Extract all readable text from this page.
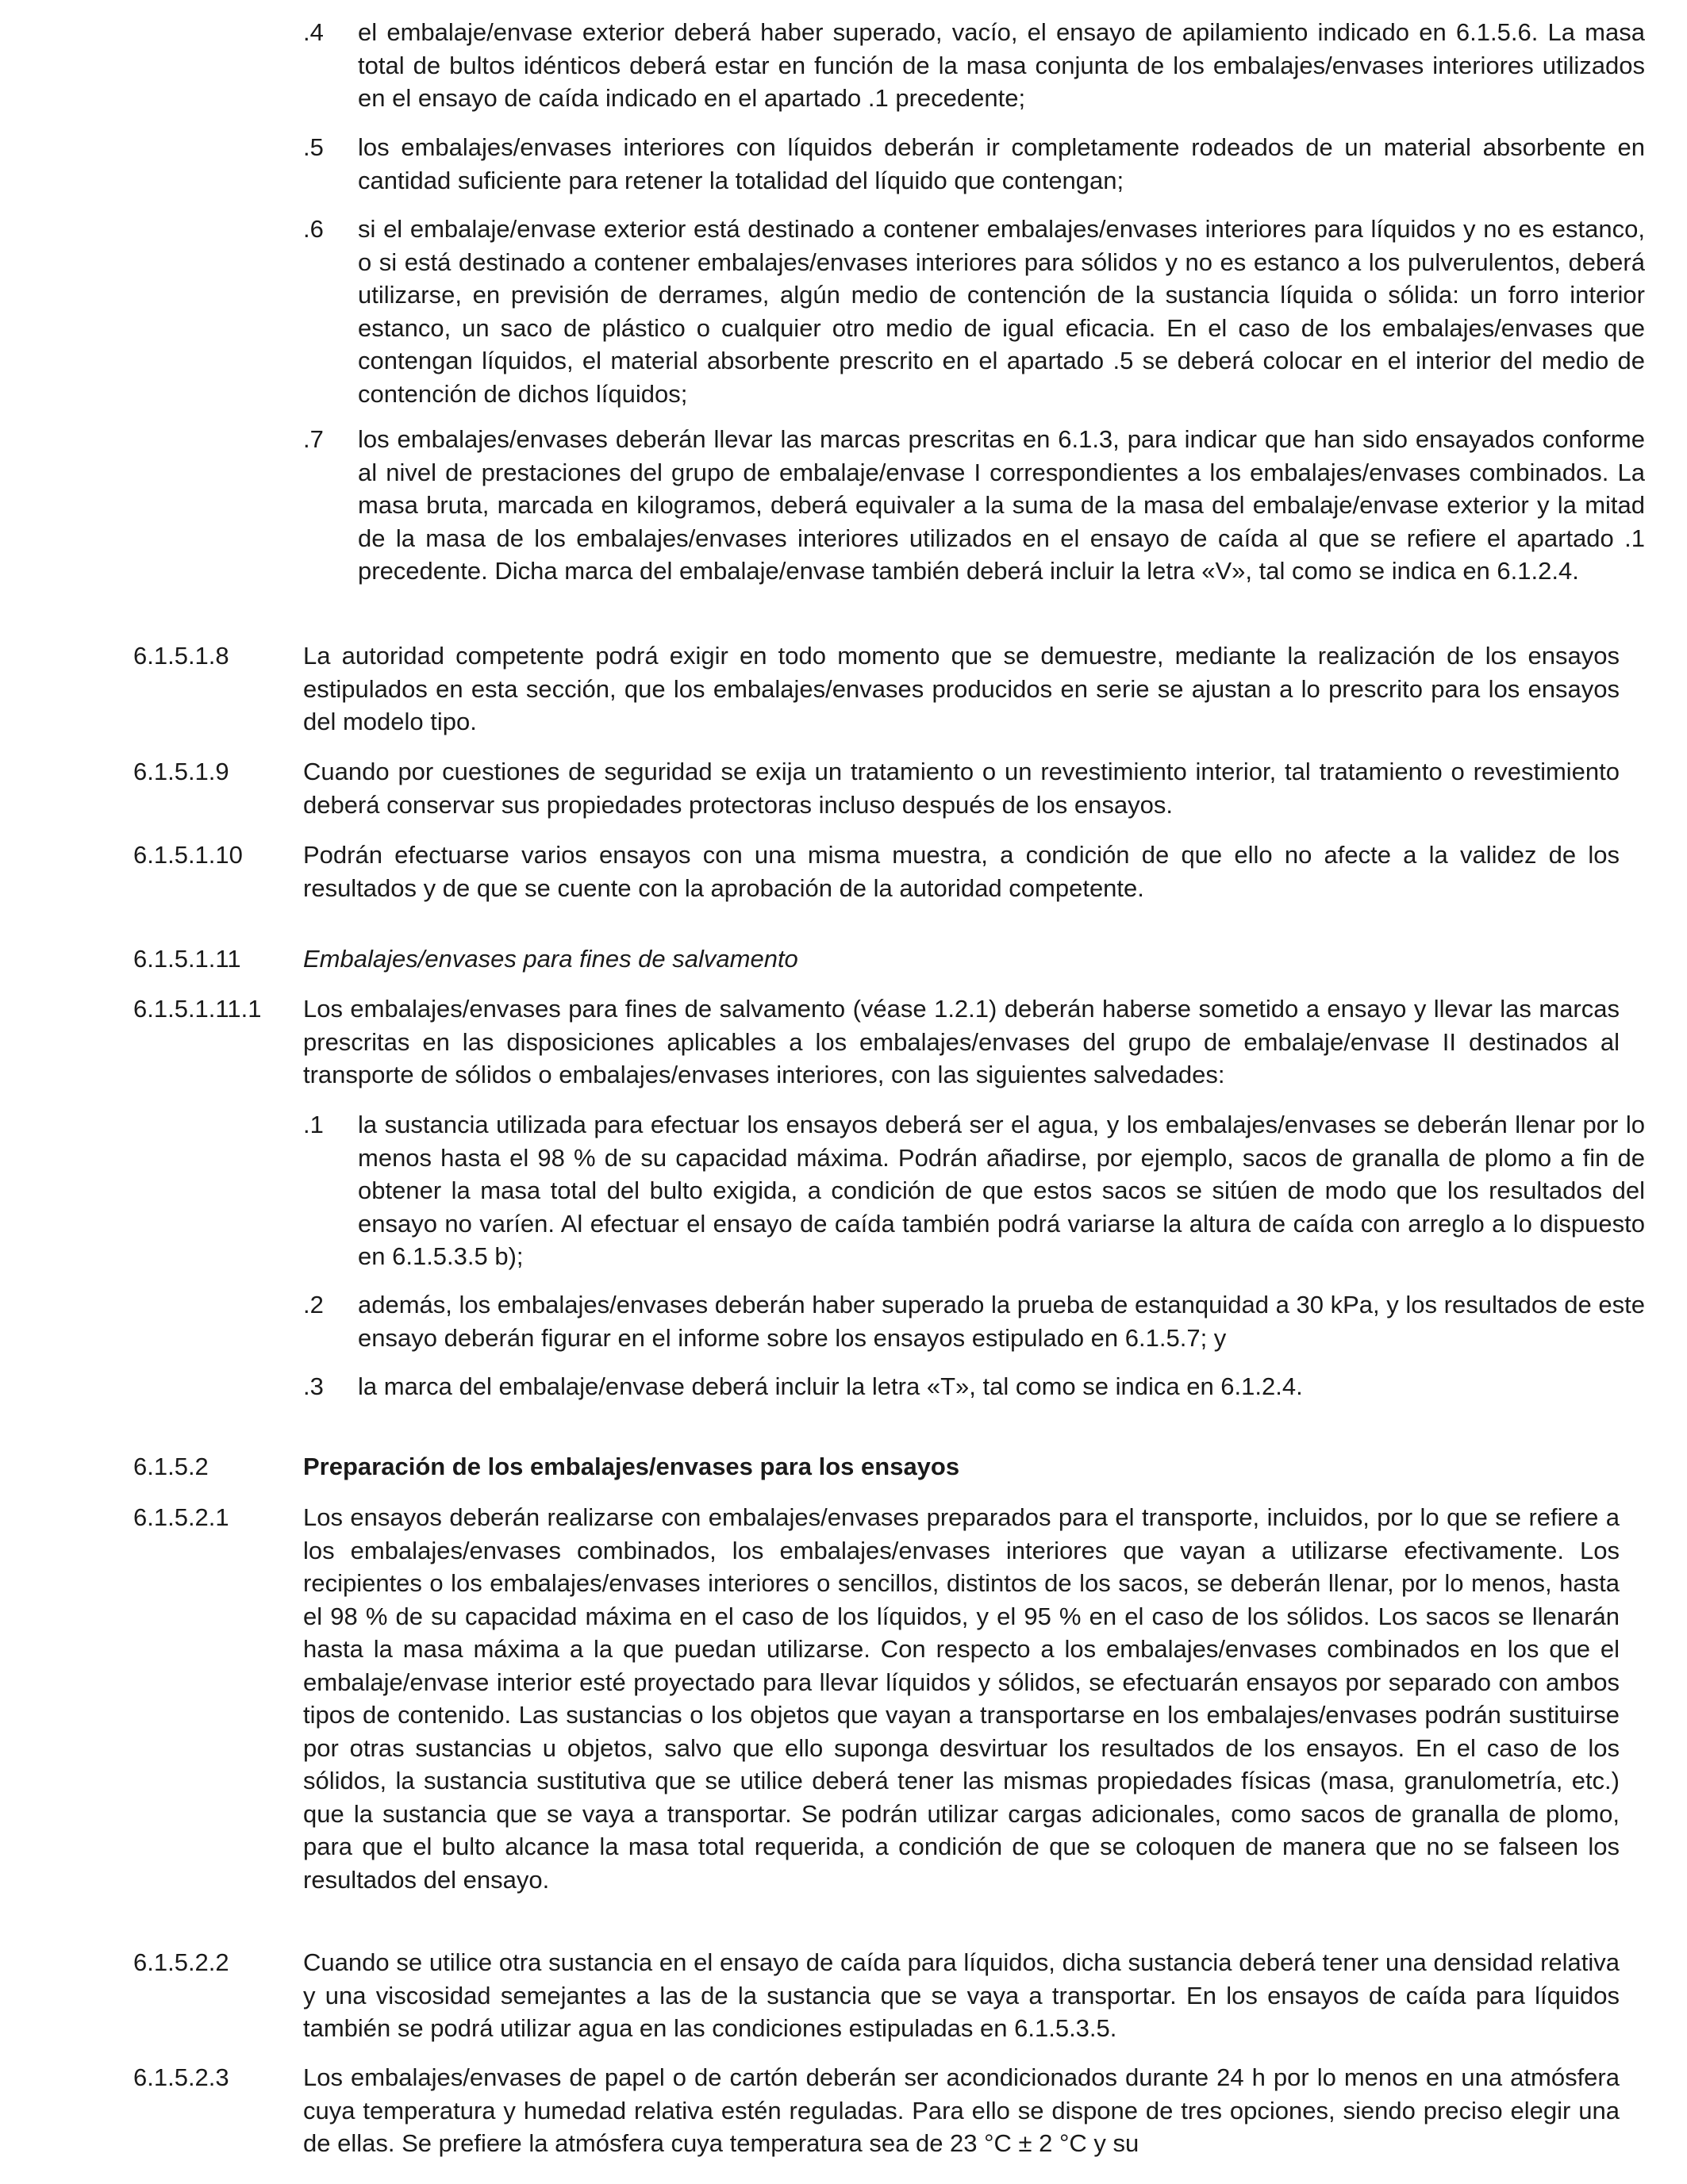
.4 el embalaje/envase exterior deberá haber superado, vacío, el ensayo de apilamiento indicado en 6.1.5.6. La masa total de bultos idénticos deberá estar en función de la masa conjunta de los embalajes/envases interiores utilizados en el ensayo de caída indicado en el apartado .1 precedente;
.5 los embalajes/envases interiores con líquidos deberán ir completamente rodeados de un material absorbente en cantidad suficiente para retener la totalidad del líquido que contengan;
.6 si el embalaje/envase exterior está destinado a contener embalajes/envases interiores para líquidos y no es estanco, o si está destinado a contener embalajes/envases interiores para sólidos y no es estanco a los pulverulentos, deberá utilizarse, en previsión de derrames, algún medio de contención de la sustancia líquida o sólida: un forro interior estanco, un saco de plástico o cualquier otro medio de igual eficacia. En el caso de los embalajes/envases que contengan líquidos, el material absorbente prescrito en el apartado .5 se deberá colocar en el interior del medio de contención de dichos líquidos;
.7 los embalajes/envases deberán llevar las marcas prescritas en 6.1.3, para indicar que han sido ensayados conforme al nivel de prestaciones del grupo de embalaje/envase I correspondientes a los embalajes/envases combinados. La masa bruta, marcada en kilogramos, deberá equivaler a la suma de la masa del embalaje/envase exterior y la mitad de la masa de los embalajes/envases interiores utilizados en el ensayo de caída al que se refiere el apartado .1 precedente. Dicha marca del embalaje/envase también deberá incluir la letra «V», tal como se indica en 6.1.2.4.
6.1.5.1.8	La autoridad competente podrá exigir en todo momento que se demuestre, mediante la realización de los ensayos estipulados en esta sección, que los embalajes/envases producidos en serie se ajustan a lo prescrito para los ensayos del modelo tipo.
6.1.5.1.9	Cuando por cuestiones de seguridad se exija un tratamiento o un revestimiento interior, tal tratamiento o revestimiento deberá conservar sus propiedades protectoras incluso después de los ensayos.
6.1.5.1.10 Podrán efectuarse varios ensayos con una misma muestra, a condición de que ello no afecte a la validez de los resultados y de que se cuente con la aprobación de la autoridad competente.
6.1.5.1.11	Embalajes/envases para fines de salvamento
6.1.5.1.11.1 Los embalajes/envases para fines de salvamento (véase 1.2.1) deberán haberse sometido a ensayo y llevar las marcas prescritas en las disposiciones aplicables a los embalajes/envases del grupo de embalaje/envase II destinados al transporte de sólidos o embalajes/envases interiores, con las siguientes salvedades:
.1 la sustancia utilizada para efectuar los ensayos deberá ser el agua, y los embalajes/envases se deberán llenar por lo menos hasta el 98 % de su capacidad máxima. Podrán añadirse, por ejemplo, sacos de granalla de plomo a fin de obtener la masa total del bulto exigida, a condición de que estos sacos se sitúen de modo que los resultados del ensayo no varíen. Al efectuar el ensayo de caída también podrá variarse la altura de caída con arreglo a lo dispuesto en 6.1.5.3.5 b);
.2 además, los embalajes/envases deberán haber superado la prueba de estanquidad a 30 kPa, y los resultados de este ensayo deberán figurar en el informe sobre los ensayos estipulado en 6.1.5.7; y
.3 la marca del embalaje/envase deberá incluir la letra «T», tal como se indica en 6.1.2.4.
6.1.5.2	Preparación de los embalajes/envases para los ensayos
6.1.5.2.1	Los ensayos deberán realizarse con embalajes/envases preparados para el transporte, incluidos, por lo que se refiere a los embalajes/envases combinados, los embalajes/envases interiores que vayan a utilizarse efectivamente. Los recipientes o los embalajes/envases interiores o sencillos, distintos de los sacos, se deberán llenar, por lo menos, hasta el 98 % de su capacidad máxima en el caso de los líquidos, y el 95 % en el caso de los sólidos. Los sacos se llenarán hasta la masa máxima a la que puedan utilizarse. Con respecto a los embalajes/envases combinados en los que el embalaje/envase interior esté proyectado para llevar líquidos y sólidos, se efectuarán ensayos por separado con ambos tipos de contenido. Las sustancias o los objetos que vayan a transportarse en los embalajes/envases podrán sustituirse por otras sustancias u objetos, salvo que ello suponga desvirtuar los resultados de los ensayos. En el caso de los sólidos, la sustancia sustitutiva que se utilice deberá tener las mismas propiedades físicas (masa, granulometría, etc.) que la sustancia que se vaya a transportar. Se podrán utilizar cargas adicionales, como sacos de granalla de plomo, para que el bulto alcance la masa total requerida, a condición de que se coloquen de manera que no se falseen los resultados del ensayo.
6.1.5.2.2	Cuando se utilice otra sustancia en el ensayo de caída para líquidos, dicha sustancia deberá tener una densidad relativa y una viscosidad semejantes a las de la sustancia que se vaya a transportar. En los ensayos de caída para líquidos también se podrá utilizar agua en las condiciones estipuladas en 6.1.5.3.5.
6.1.5.2.3	Los embalajes/envases de papel o de cartón deberán ser acondicionados durante 24 h por lo menos en una atmósfera cuya temperatura y humedad relativa estén reguladas. Para ello se dispone de tres opciones, siendo preciso elegir una de ellas. Se prefiere la atmósfera cuya temperatura sea de 23 °C ± 2 °C y su
